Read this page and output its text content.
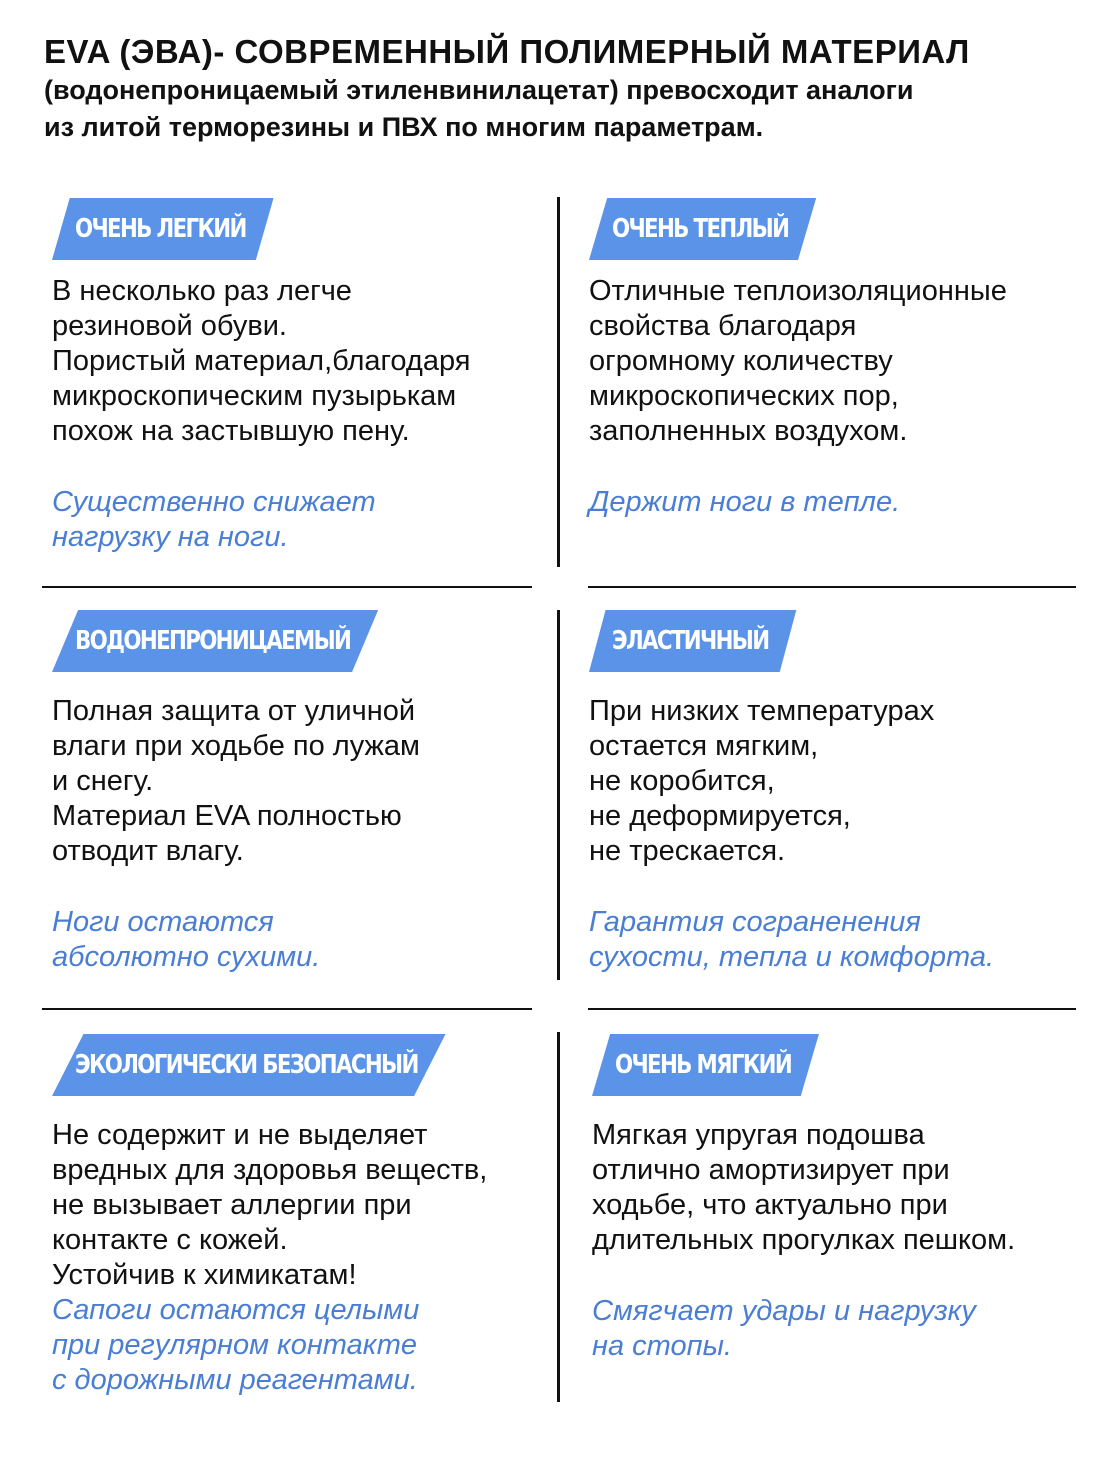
EVA (ЭВА)- СОВРЕМЕННЫЙ ПОЛИМЕРНЫЙ МАТЕРИАЛ

(водонепроницаемый этиленвинилацетат) превосходит аналоги

из литой терморезины и ПВХ по многим параметрам.

ОЧЕНЬ ЛЕГКИЙ
В несколько раз легче
резиновой обуви.
Пористый материал,благодаря
микроскопическим пузырькам
похож на застывшую пену.
Существенно снижает
нагрузку на ноги.
ОЧЕНЬ ТЕПЛЫЙ
Отличные теплоизоляционные
свойства благодаря
огромному количеству
микроскопических пор,
заполненных воздухом.
Держит ноги в тепле.
ВОДОНЕПРОНИЦАЕМЫЙ
Полная защита от уличной
влаги при ходьбе по лужам
и снегу.
Материал EVA полностью
отводит влагу.
Ноги остаются
абсолютно сухими.
ЭЛАСТИЧНЫЙ
При низких температурах
остается мягким,
не коробится,
не деформируется,
не трескается.
Гарантия сограненения
сухости, тепла и комфорта.
ЭКОЛОГИЧЕСКИ БЕЗОПАСНЫЙ
Не содержит и не выделяет
вредных для здоровья веществ,
не вызывает аллергии при
контакте с кожей.
Устойчив к химикатам!
Сапоги остаются целыми
при регулярном контакте
с дорожными реагентами.
ОЧЕНЬ МЯГКИЙ
Мягкая упругая подошва
отлично амортизирует при
ходьбе, что актуально при
длительных прогулках пешком.
Смягчает удары и нагрузку
на стопы.
